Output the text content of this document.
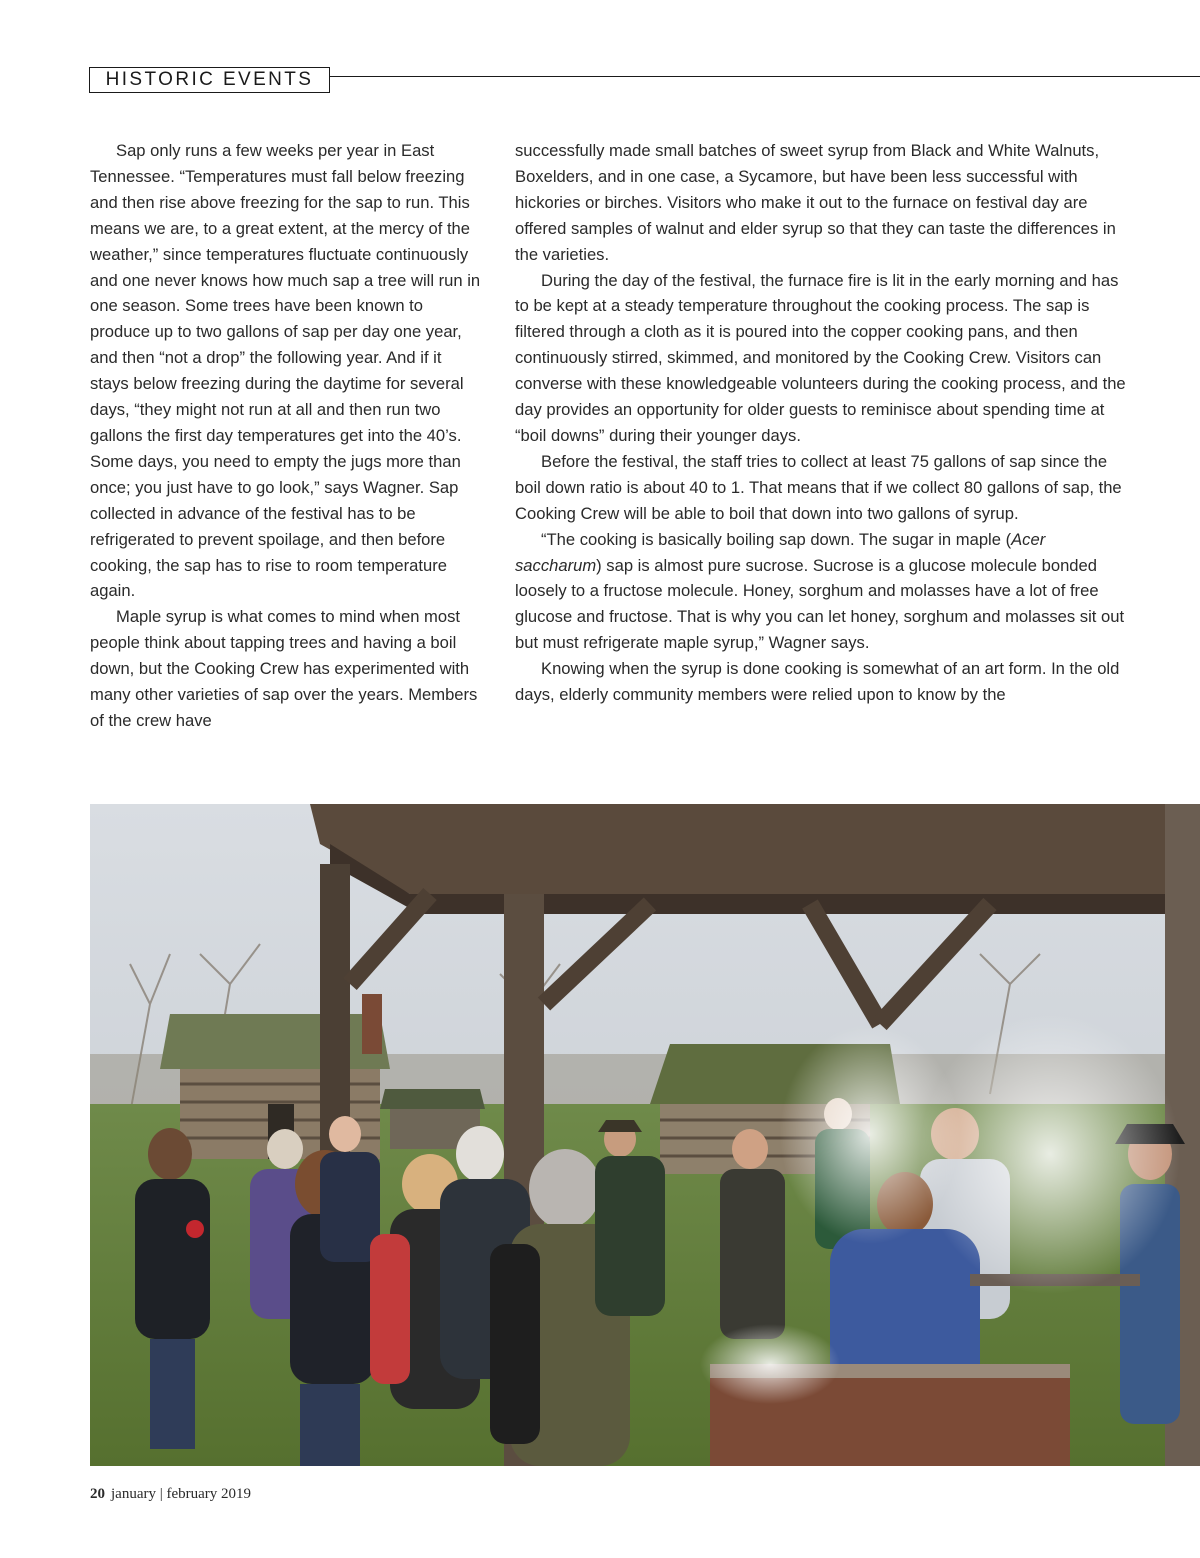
HISTORIC EVENTS

Sap only runs a few weeks per year in East Tennessee. “Temperatures must fall below freezing and then rise above freezing for the sap to run. This means we are, to a great extent, at the mercy of the weather,” since temperatures fluctuate continuously and one never knows how much sap a tree will run in one season. Some trees have been known to produce up to two gallons of sap per day one year, and then “not a drop” the following year. And if it stays below freezing during the daytime for several days, “they might not run at all and then run two gallons the first day temperatures get into the 40’s. Some days, you need to empty the jugs more than once; you just have to go look,” says Wagner. Sap collected in advance of the festival has to be refrigerated to prevent spoilage, and then before cooking, the sap has to rise to room temperature again.

Maple syrup is what comes to mind when most people think about tapping trees and having a boil down, but the Cooking Crew has experimented with many other varieties of sap over the years. Members of the crew have

successfully made small batches of sweet syrup from Black and White Walnuts, Boxelders, and in one case, a Sycamore, but have been less successful with hickories or birches. Visitors who make it out to the furnace on festival day are offered samples of walnut and elder syrup so that they can taste the differences in the varieties.

During the day of the festival, the furnace fire is lit in the early morning and has to be kept at a steady temperature throughout the cooking process. The sap is filtered through a cloth as it is poured into the copper cooking pans, and then continuously stirred, skimmed, and monitored by the Cooking Crew. Visitors can converse with these knowledgeable volunteers during the cooking process, and the day provides an opportunity for older guests to reminisce about spending time at “boil downs” during their younger days.

Before the festival, the staff tries to collect at least 75 gallons of sap since the boil down ratio is about 40 to 1. That means that if we collect 80 gallons of sap, the Cooking Crew will be able to boil that down into two gallons of syrup.

“The cooking is basically boiling sap down. The sugar in maple (Acer saccharum) sap is almost pure sucrose. Sucrose is a glucose molecule bonded loosely to a fructose molecule. Honey, sorghum and molasses have a lot of free glucose and fructose. That is why you can let honey, sorghum and molasses sit out but must refrigerate maple syrup,” Wagner says.

Knowing when the syrup is done cooking is somewhat of an art form. In the old days, elderly community members were relied upon to know by the

20 january | february 2019
